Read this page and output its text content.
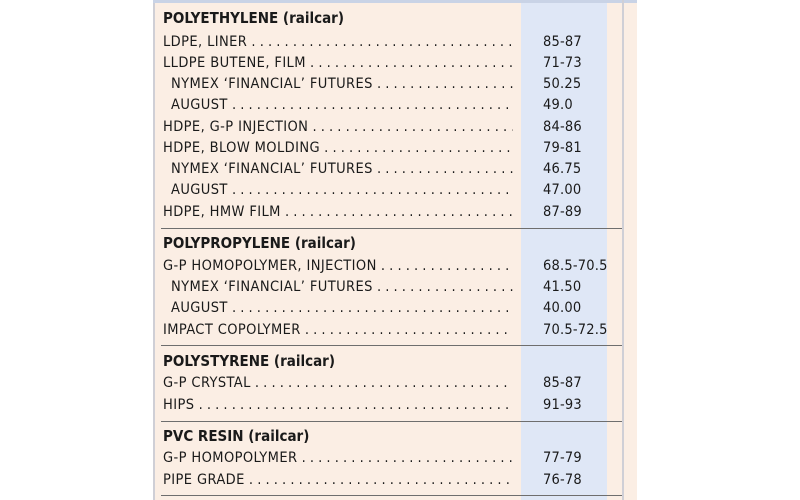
POLYETHYLENE (railcar)
LDPE, LINER . . .	85-87
LLDPE BUTENE, FILM . . .	71-73
NYMEX ‘FINANCIAL’ FUTURES . . .	50.25
AUGUST . . .	49.0
HDPE, G-P INJECTION . . .	84-86
HDPE, BLOW MOLDING . . .	79-81
NYMEX ‘FINANCIAL’ FUTURES . . .	46.75
AUGUST . . .	47.00
HDPE, HMW FILM . . .	87-89
POLYPROPYLENE (railcar)
G-P HOMOPOLYMER, INJECTION . . .	68.5-70.5
NYMEX ‘FINANCIAL’ FUTURES . . .	41.50
AUGUST . . .	40.00
IMPACT COPOLYMER . . .	70.5-72.5
POLYSTYRENE (railcar)
G-P CRYSTAL . . .	85-87
HIPS . . .	91-93
PVC RESIN (railcar)
G-P HOMOPOLYMER . . .	77-79
PIPE GRADE . . .	76-78
